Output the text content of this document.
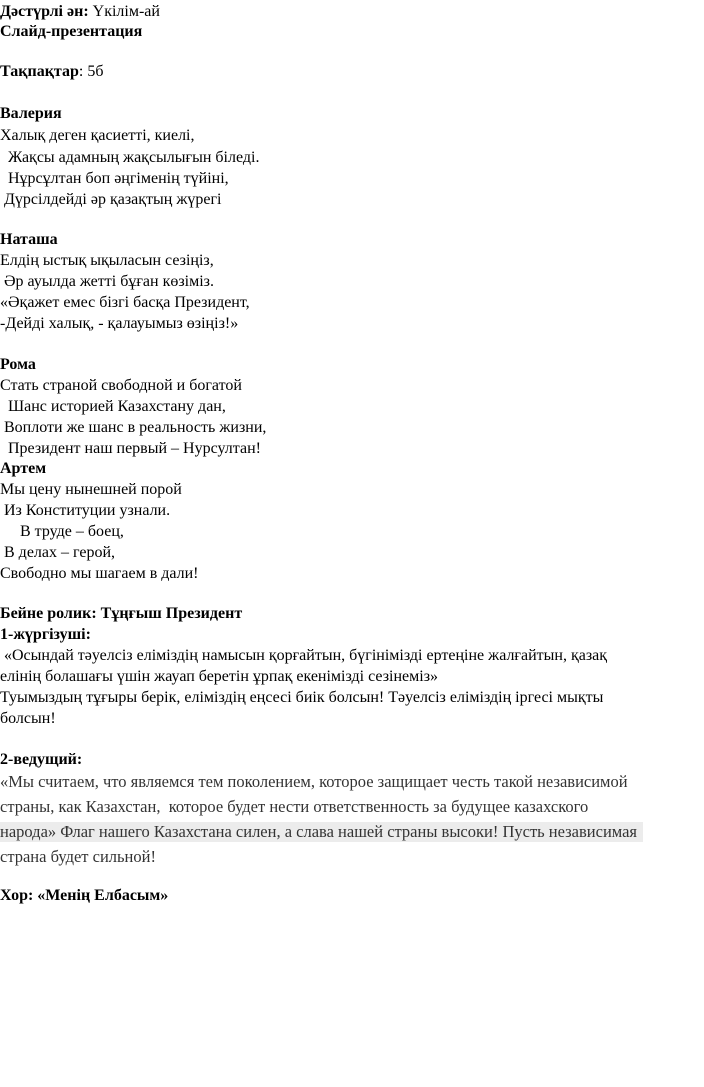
Дәстүрлі ән: Үкілім-ай
Слайд-презентация
Тақпақтар: 5б
Валерия
Халық деген қасиетті, киелі,
Жақсы адамның жақсылығын біледі.
Нұрсұлтан боп әңгіменің түйіні,
Дүрсілдейді әр қазақтың жүрегі
Наташа
Елдің ыстық ықыласын сезіңіз,
Әр ауылда жетті бұған көзіміз.
«Әқажет емес бізгі басқа Президент,
-Дейді халық, - қалауымыз өзіңіз!»
Рома
Стать страной свободной и богатой
Шанс историей Казахстану дан,
Воплоти же шанс в реальность жизни,
Президент наш первый – Нурсултан!
Артем
Мы цену нынешней порой
Из Конституции узнали.
В труде – боец,
В делах – герой,
Свободно мы шагаем в дали!
Бейне ролик: Тұңғыш Президент
1-жүргізуші:
«Осындай тәуелсіз еліміздің намысын қорғайтын, бүгінімізді ертеңіне жалғайтын, қазақ
елінің болашағы үшін жауап беретін ұрпақ екенімізді сезінеміз»
Туымыздың тұғыры берік, еліміздің еңсесі биік болсын! Тәуелсіз еліміздің іргесі мықты
болсын!
2-ведущий:
«Мы считаем, что являемся тем поколением, которое защищает честь такой независимой
страны, как Казахстан,  которое будет нести ответственность за будущее казахского
народа» Флаг нашего Казахстана силен, а слава нашей страны высоки! Пусть независимая
страна будет сильной!
Хор: «Менің Елбасым»
